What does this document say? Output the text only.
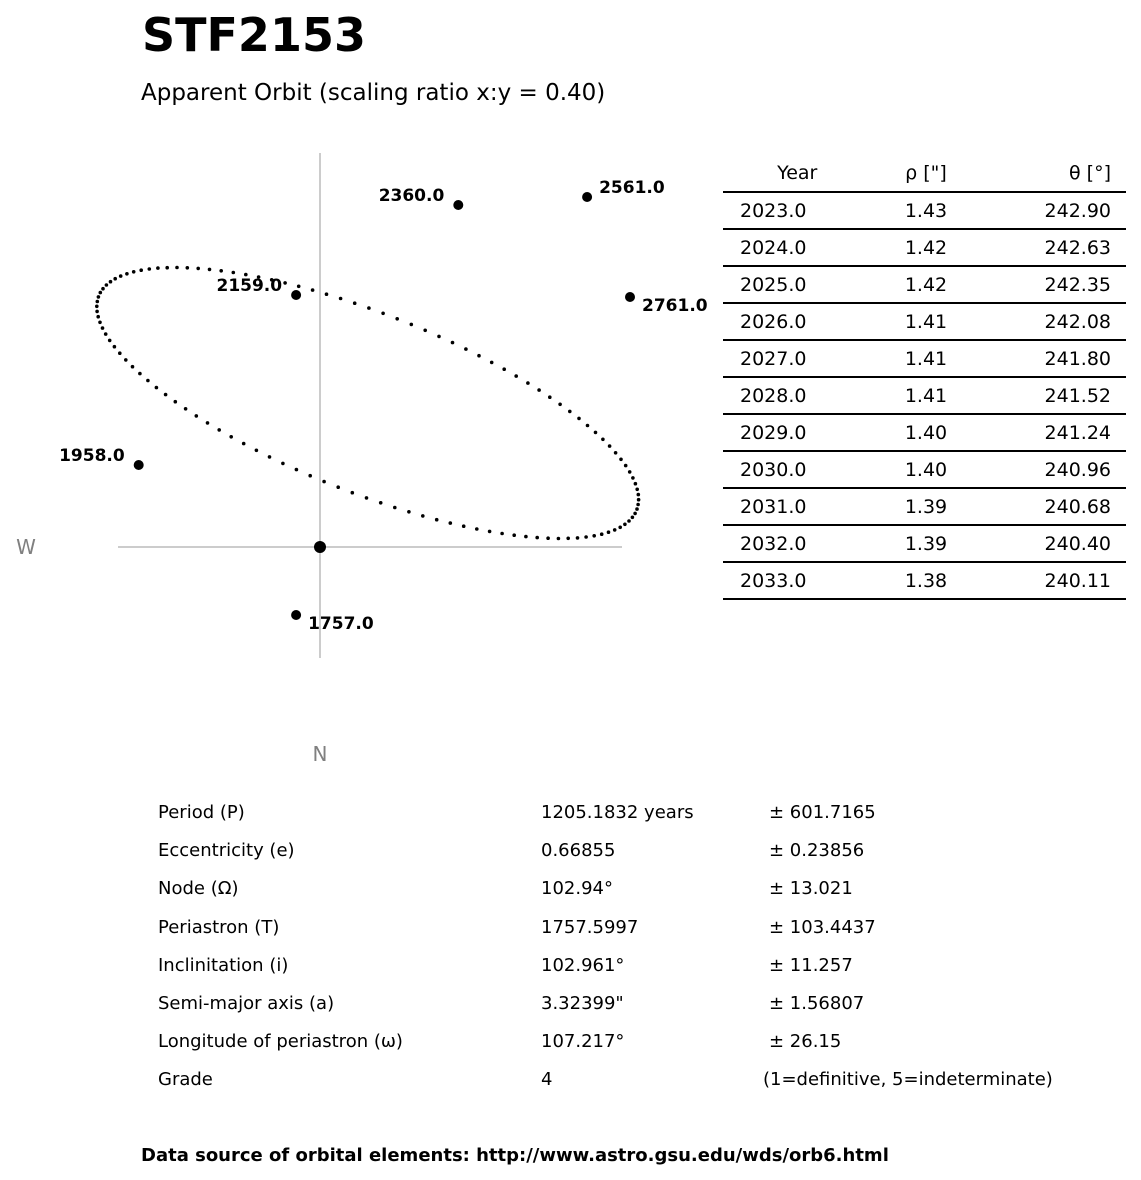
STF2153
Apparent Orbit (scaling ratio x:y = 0.40)
W
N
1757.0
1958.0
2159.0
2360.0	2561.0
2761.0
Year	ρ ["]	θ [°]
2023.0	1.43	242.90
2024.0	1.42	242.63
2025.0	1.42	242.35
2026.0	1.41	242.08
2027.0	1.41	241.80
2028.0	1.41	241.52
2029.0	1.40	241.24
2030.0	1.40	240.96
2031.0	1.39	240.68
2032.0	1.39	240.40
2033.0	1.38	240.11
Period (P)	1205.1832 years	± 601.7165
Eccentricity (e)	0.66855	± 0.23856
Node (Ω)	102.94°	± 13.021
Periastron (T)	1757.5997	± 103.4437
Inclinitation (i)	102.961°	± 11.257
Semi-major axis (a)	3.32399"	± 1.56807
Longitude of periastron (ω)	107.217°	± 26.15
Grade	4	(1=definitive, 5=indeterminate)
Data source of orbital elements: http://www.astro.gsu.edu/wds/orb6.html
